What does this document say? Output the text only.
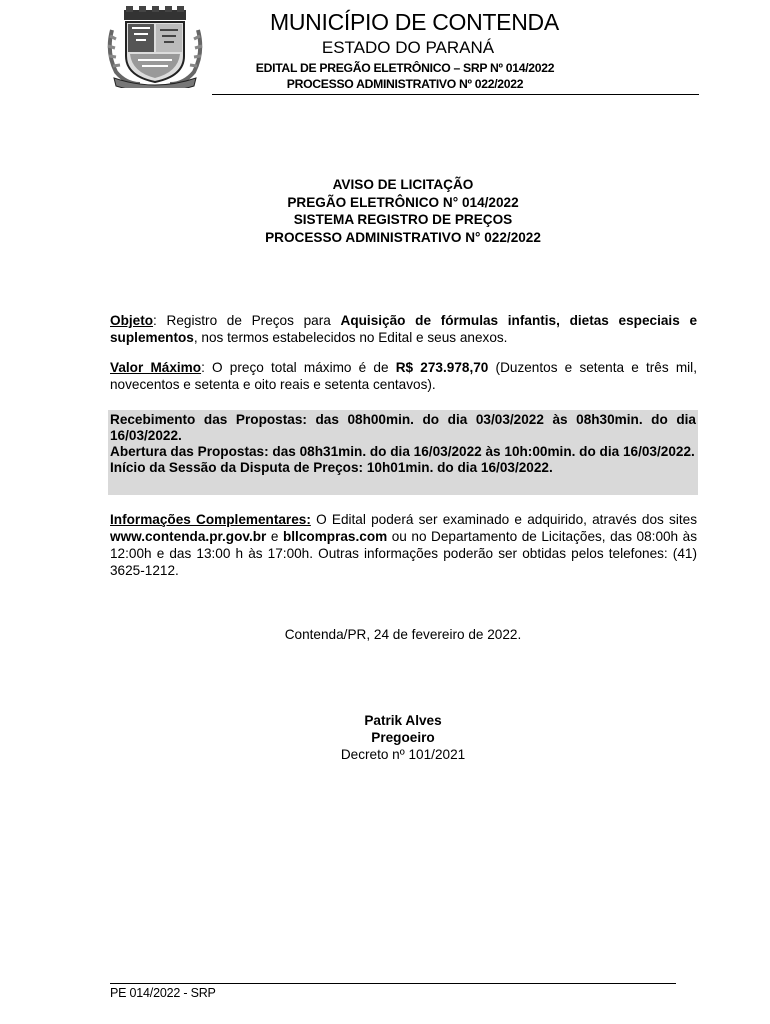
MUNICÍPIO DE CONTENDA
ESTADO DO PARANÁ
EDITAL DE PREGÃO ELETRÔNICO – SRP Nº 014/2022
PROCESSO ADMINISTRATIVO Nº 022/2022
AVISO DE LICITAÇÃO
PREGÃO ELETRÔNICO N° 014/2022
SISTEMA REGISTRO DE PREÇOS
PROCESSO ADMINISTRATIVO N° 022/2022
Objeto: Registro de Preços para Aquisição de fórmulas infantis, dietas especiais e suplementos, nos termos estabelecidos no Edital e seus anexos.
Valor Máximo: O preço total máximo é de R$ 273.978,70 (Duzentos e setenta e três mil, novecentos e setenta e oito reais e setenta centavos).
Recebimento das Propostas: das 08h00min. do dia 03/03/2022 às 08h30min. do dia 16/03/2022.
Abertura das Propostas: das 08h31min. do dia 16/03/2022 às 10h:00min. do dia 16/03/2022.
Início da Sessão da Disputa de Preços: 10h01min. do dia 16/03/2022.
Informações Complementares: O Edital poderá ser examinado e adquirido, através dos sites www.contenda.pr.gov.br e bllcompras.com ou no Departamento de Licitações, das 08:00h às 12:00h e das 13:00 h às 17:00h. Outras informações poderão ser obtidas pelos telefones: (41) 3625-1212.
Contenda/PR, 24 de fevereiro de 2022.
Patrik Alves
Pregoeiro
Decreto nº 101/2021
PE 014/2022 - SRP
